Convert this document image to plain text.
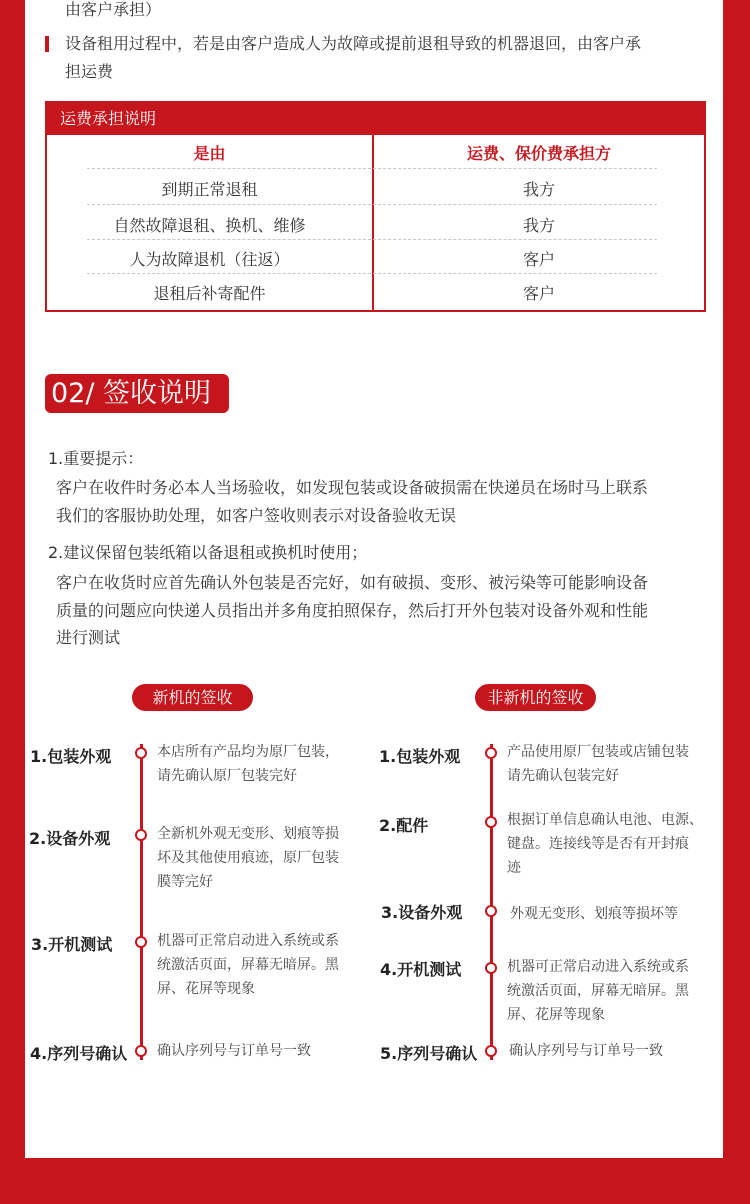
由客户承担）
设备租用过程中，若是由客户造成人为故障或提前退租导致的机器退回，由客户承
担运费
运费承担说明
是由	运费、保价费承担方
到期正常退租	我方
自然故障退租、换机、维修	我方
人为故障退机（往返）	客户
退租后补寄配件	客户
02/ 签收说明
1.重要提示：
客户在收件时务必本人当场验收，如发现包装或设备破损需在快递员在场时马上联系
我们的客服协助处理，如客户签收则表示对设备验收无误
2.建议保留包装纸箱以备退租或换机时使用；
客户在收货时应首先确认外包装是否完好，如有破损、变形、被污染等可能影响设备
质量的问题应向快递人员指出并多角度拍照保存，然后打开外包装对设备外观和性能
进行测试
新机的签收	非新机的签收
1.包装外观	本店所有产品均为原厂包装，
请先确认原厂包装完好
2.设备外观	全新机外观无变形、划痕等损
坏及其他使用痕迹，原厂包装
膜等完好
3.开机测试	机器可正常启动进入系统或系
统激活页面，屏幕无暗屏。黑
屏、花屏等现象
4.序列号确认 确认序列号与订单号一致
1.包装外观	产品使用原厂包装或店铺包装
请先确认包装完好
2.配件	根据订单信息确认电池、电源、
键盘。连接线等是否有开封痕
迹
3.设备外观	外观无变形、划痕等损坏等
4.开机测试	机器可正常启动进入系统或系
统激活页面，屏幕无暗屏。黑
屏、花屏等现象
5.序列号确认 确认序列号与订单号一致
